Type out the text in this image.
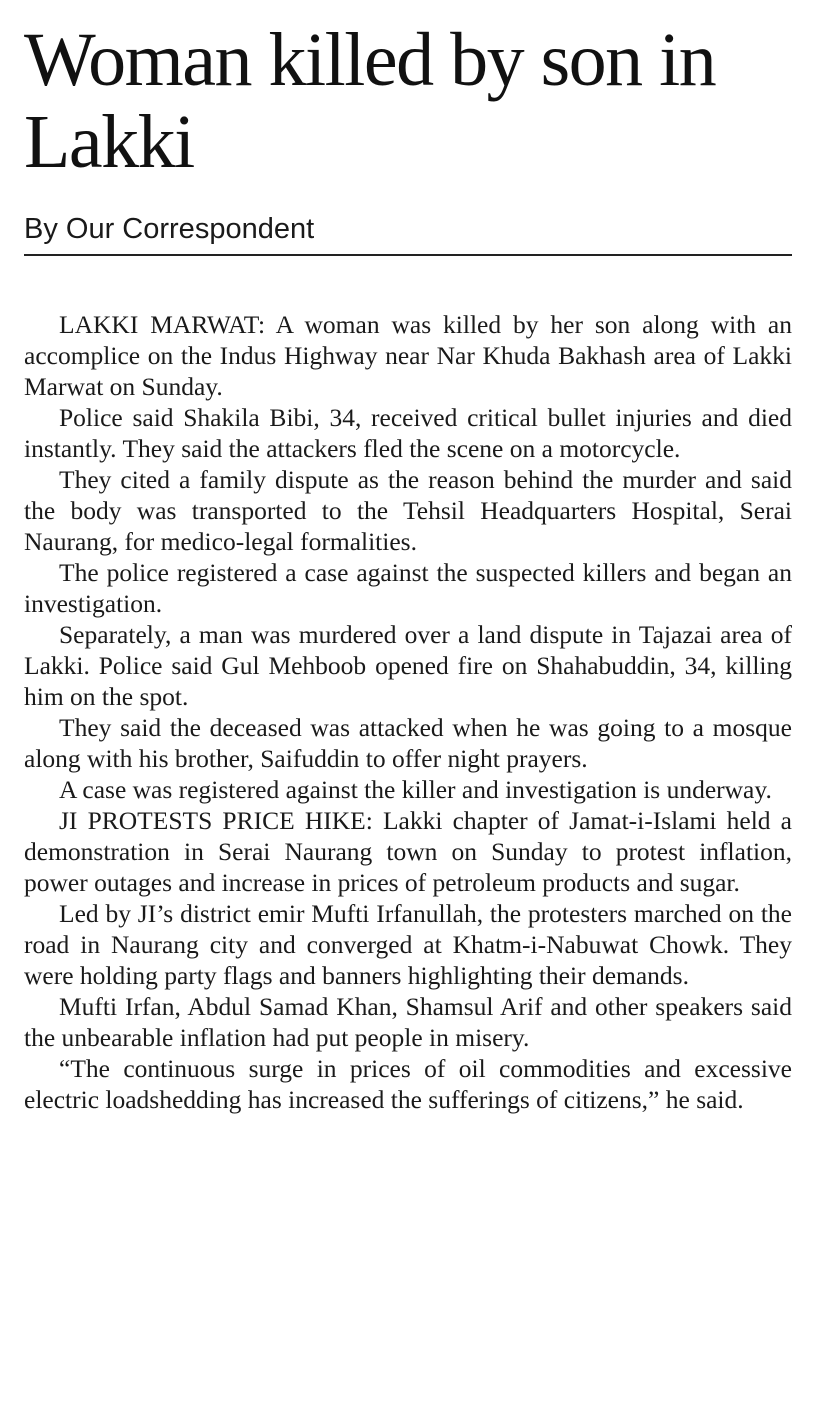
Woman killed by son in Lakki
By Our Correspondent

LAKKI MARWAT: A woman was killed by her son along with an accomplice on the Indus Highway near Nar Khuda Bakhash area of Lakki Marwat on Sunday.

Police said Shakila Bibi, 34, received critical bullet injuries and died instantly. They said the attackers fled the scene on a motorcycle.

They cited a family dispute as the reason behind the murder and said the body was transported to the Tehsil Headquarters Hospital, Serai Naurang, for medico-legal formalities.

The police registered a case against the suspected killers and began an investigation.

Separately, a man was murdered over a land dispute in Tajazai area of Lakki. Police said Gul Mehboob opened fire on Shahabuddin, 34, killing him on the spot.

They said the deceased was attacked when he was going to a mosque along with his brother, Saifuddin to offer night prayers.

A case was registered against the killer and investigation is underway.

JI PROTESTS PRICE HIKE: Lakki chapter of Jamat-i-Islami held a demonstration in Serai Naurang town on Sunday to protest inflation, power outages and increase in prices of petroleum products and sugar.

Led by JI’s district emir Mufti Irfanullah, the protesters marched on the road in Naurang city and converged at Khatm-i-Nabuwat Chowk. They were holding party flags and banners highlighting their demands.

Mufti Irfan, Abdul Samad Khan, Shamsul Arif and other speakers said the unbearable inflation had put people in misery.

“The continuous surge in prices of oil commodities and excessive electric loadshedding has increased the sufferings of citizens,” he said.
